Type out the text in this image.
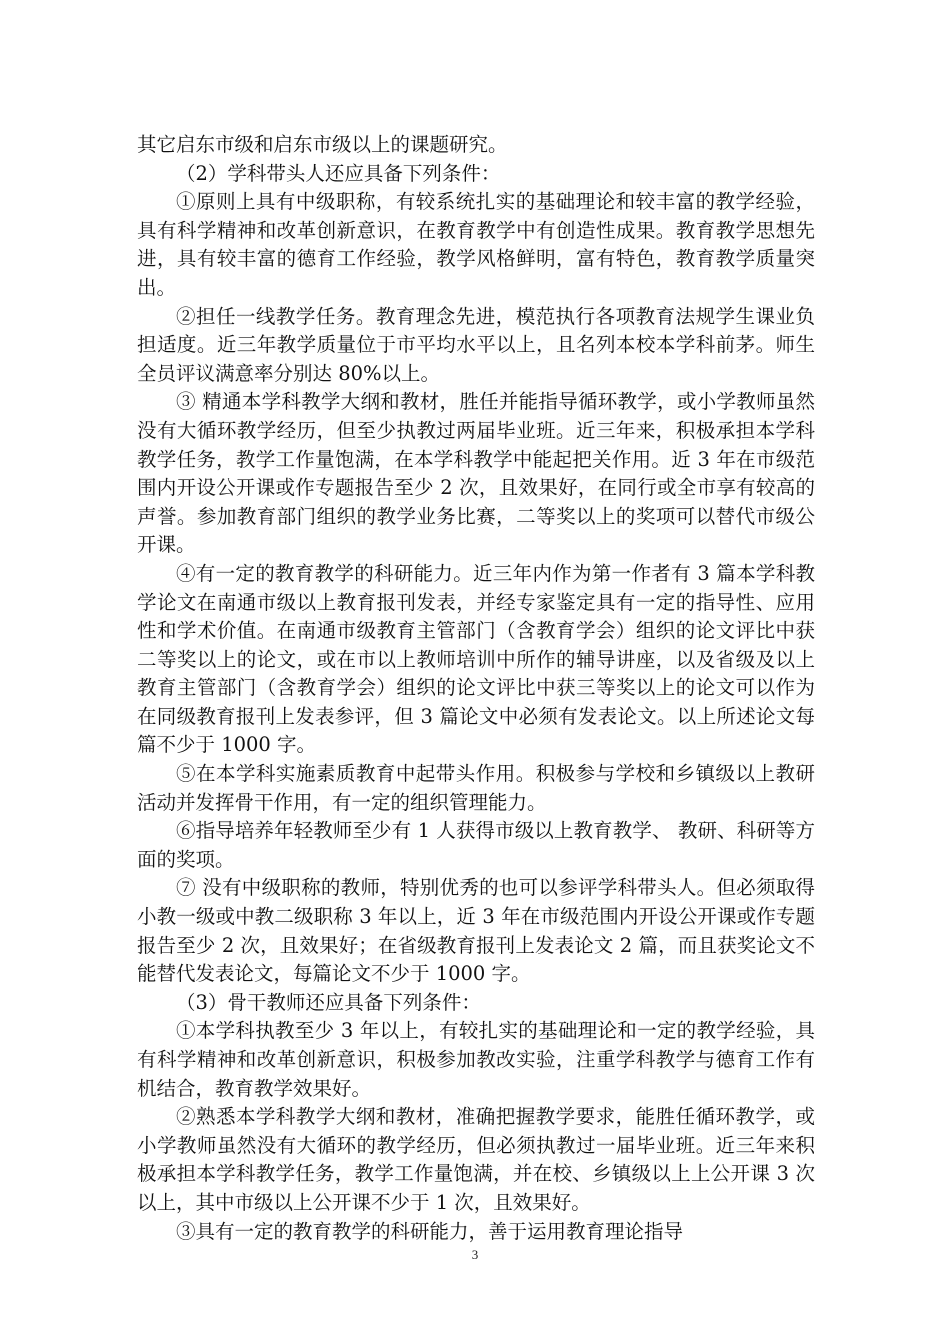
其它启东市级和启东市级以上的课题研究。

（2）学科带头人还应具备下列条件：

①原则上具有中级职称，有较系统扎实的基础理论和较丰富的教学经验，具有科学精神和改革创新意识，在教育教学中有创造性成果。教育教学思想先进，具有较丰富的德育工作经验，教学风格鲜明，富有特色，教育教学质量突出。

②担任一线教学任务。教育理念先进，模范执行各项教育法规学生课业负担适度。近三年教学质量位于市平均水平以上，且名列本校本学科前茅。师生全员评议满意率分别达 80%以上。

③ 精通本学科教学大纲和教材，胜任并能指导循环教学，或小学教师虽然没有大循环教学经历，但至少执教过两届毕业班。近三年来，积极承担本学科教学任务，教学工作量饱满，在本学科教学中能起把关作用。近 3 年在市级范围内开设公开课或作专题报告至少 2 次，且效果好，在同行或全市享有较高的声誉。参加教育部门组织的教学业务比赛，二等奖以上的奖项可以替代市级公开课。

④有一定的教育教学的科研能力。近三年内作为第一作者有 3 篇本学科教学论文在南通市级以上教育报刊发表，并经专家鉴定具有一定的指导性、应用性和学术价值。在南通市级教育主管部门（含教育学会）组织的论文评比中获二等奖以上的论文，或在市以上教师培训中所作的辅导讲座，以及省级及以上教育主管部门（含教育学会）组织的论文评比中获三等奖以上的论文可以作为在同级教育报刊上发表参评，但 3 篇论文中必须有发表论文。以上所述论文每篇不少于 1000 字。

⑤在本学科实施素质教育中起带头作用。积极参与学校和乡镇级以上教研活动并发挥骨干作用，有一定的组织管理能力。

⑥指导培养年轻教师至少有 1 人获得市级以上教育教学、 教研、科研等方面的奖项。

⑦ 没有中级职称的教师，特别优秀的也可以参评学科带头人。但必须取得小教一级或中教二级职称 3 年以上，近 3 年在市级范围内开设公开课或作专题报告至少 2 次，且效果好；在省级教育报刊上发表论文 2 篇，而且获奖论文不能替代发表论文，每篇论文不少于 1000 字。

（3）骨干教师还应具备下列条件：

①本学科执教至少 3 年以上，有较扎实的基础理论和一定的教学经验，具有科学精神和改革创新意识，积极参加教改实验，注重学科教学与德育工作有机结合，教育教学效果好。

②熟悉本学科教学大纲和教材，准确把握教学要求，能胜任循环教学，或小学教师虽然没有大循环的教学经历，但必须执教过一届毕业班。近三年来积极承担本学科教学任务，教学工作量饱满，并在校、乡镇级以上上公开课 3 次以上，其中市级以上公开课不少于 1 次，且效果好。

③具有一定的教育教学的科研能力，善于运用教育理论指导

3
